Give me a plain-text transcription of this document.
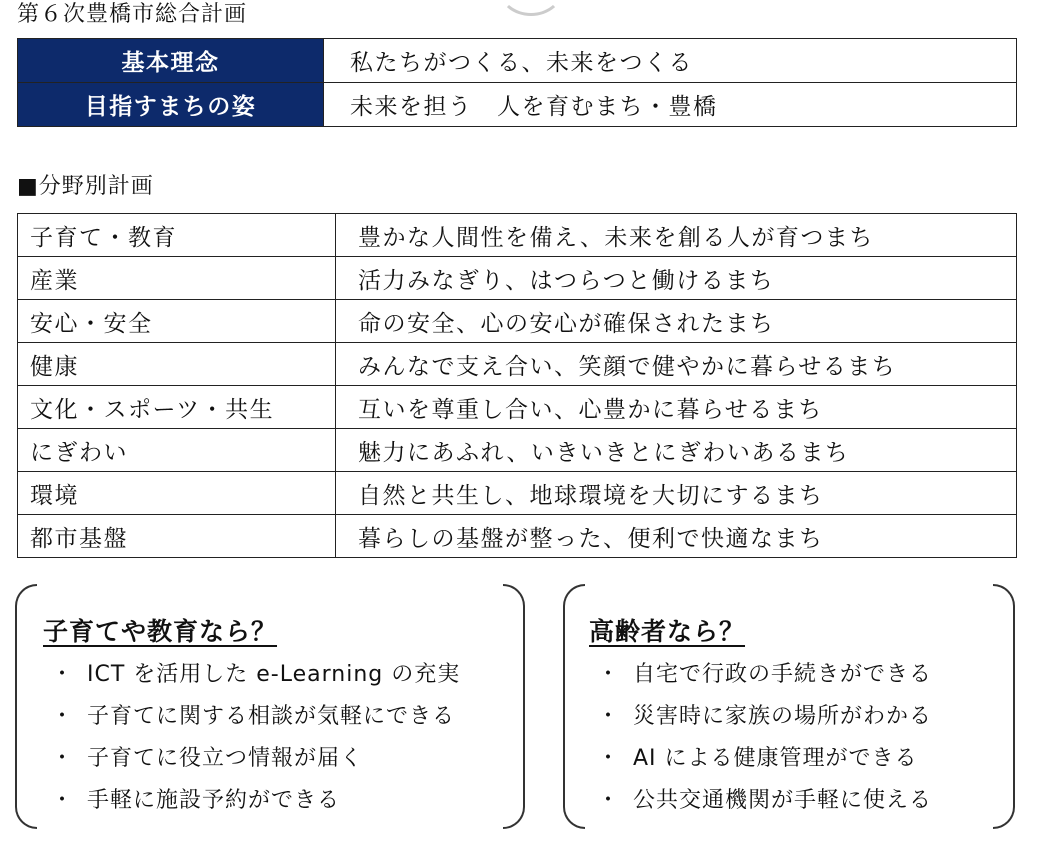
第６次豊橋市総合計画
基本理念	私たちがつくる、未来をつくる
目指すまちの姿	未来を担う　人を育むまち・豊橋
■分野別計画
子育て・教育	豊かな人間性を備え、未来を創る人が育つまち
産業	活力みなぎり、はつらつと働けるまち
安心・安全	命の安全、心の安心が確保されたまち
健康	みんなで支え合い、笑顔で健やかに暮らせるまち
文化・スポーツ・共生	互いを尊重し合い、心豊かに暮らせるまち
にぎわい	魅力にあふれ、いきいきとにぎわいあるまち
環境	自然と共生し、地球環境を大切にするまち
都市基盤	暮らしの基盤が整った、便利で快適なまち
子育てや教育なら？
・ ICT を活用した e-Learning の充実
・ 子育てに関する相談が気軽にできる
・ 子育てに役立つ情報が届く
・ 手軽に施設予約ができる
高齢者なら？
・ 自宅で行政の手続きができる
・ 災害時に家族の場所がわかる
・ AI による健康管理ができる
・ 公共交通機関が手軽に使える
